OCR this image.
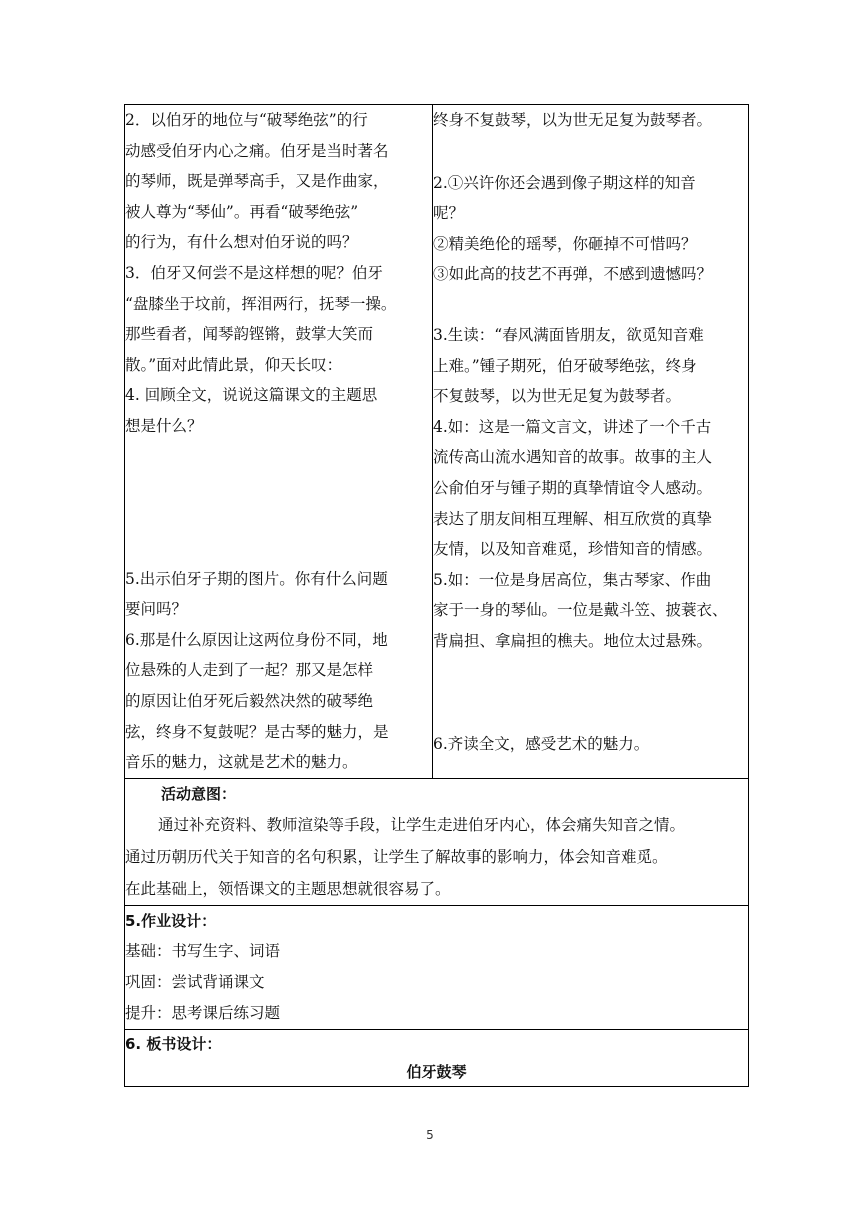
2．以伯牙的地位与“破琴绝弦”的行
动感受伯牙内心之痛。伯牙是当时著名
的琴师，既是弹琴高手，又是作曲家，
被人尊为“琴仙”。再看“破琴绝弦”
的行为，有什么想对伯牙说的吗？
3．伯牙又何尝不是这样想的呢？伯牙
“盘膝坐于坟前，挥泪两行，抚琴一操。
那些看者，闻琴韵铿锵，鼓掌大笑而
散。”面对此情此景，仰天长叹：
4. 回顾全文，说说这篇课文的主题思
想是什么？
5.出示伯牙子期的图片。你有什么问题
要问吗？
6.那是什么原因让这两位身份不同，地
位悬殊的人走到了一起？那又是怎样
的原因让伯牙死后毅然决然的破琴绝
弦，终身不复鼓呢？是古琴的魅力，是
音乐的魅力，这就是艺术的魅力。

终身不复鼓琴，以为世无足复为鼓琴者。
2.①兴许你还会遇到像子期这样的知音
呢？
②精美绝伦的瑶琴，你砸掉不可惜吗？
③如此高的技艺不再弹，不感到遗憾吗？
3.生读：“春风满面皆朋友，欲觅知音难
上难。”锺子期死，伯牙破琴绝弦，终身
不复鼓琴，以为世无足复为鼓琴者。
4.如：这是一篇文言文，讲述了一个千古
流传高山流水遇知音的故事。故事的主人
公俞伯牙与锺子期的真挚情谊令人感动。
表达了朋友间相互理解、相互欣赏的真挚
友情，以及知音难觅，珍惜知音的情感。
5.如：一位是身居高位，集古琴家、作曲
家于一身的琴仙。一位是戴斗笠、披蓑衣、
背扁担、拿扁担的樵夫。地位太过悬殊。
6.齐读全文，感受艺术的魅力。

活动意图：
通过补充资料、教师渲染等手段，让学生走进伯牙内心，体会痛失知音之情。
通过历朝历代关于知音的名句积累，让学生了解故事的影响力，体会知音难觅。
在此基础上，领悟课文的主题思想就很容易了。

5.作业设计：
基础：书写生字、词语
巩固：尝试背诵课文
提升：思考课后练习题

6. 板书设计：
伯牙鼓琴
5
